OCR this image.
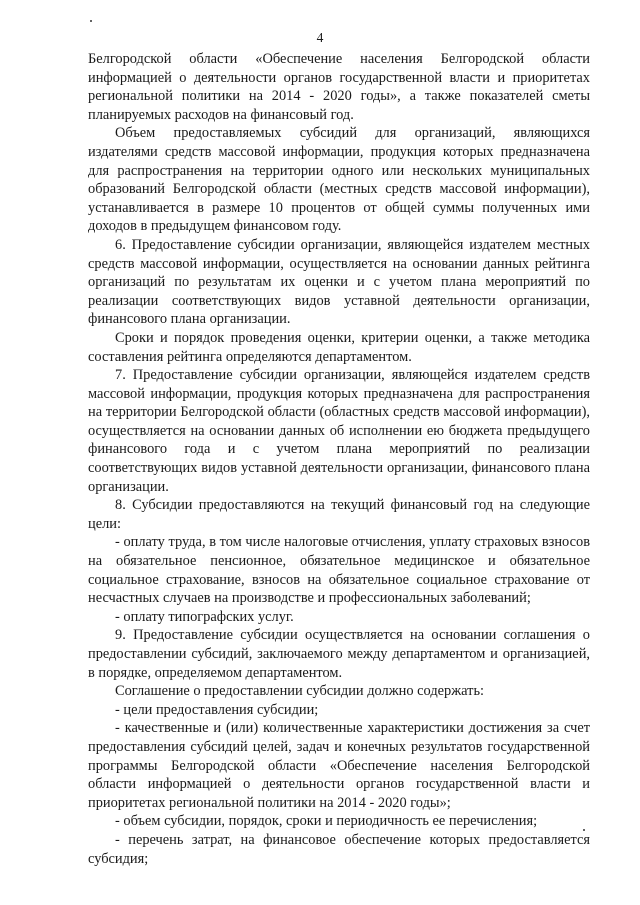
4

Белгородской области «Обеспечение населения Белгородской области информацией о деятельности органов государственной власти и приоритетах региональной политики на 2014 - 2020 годы», а также показателей сметы планируемых расходов на финансовый год.

Объем предоставляемых субсидий для организаций, являющихся издателями средств массовой информации, продукция которых предназначена для распространения на территории одного или нескольких муниципальных образований Белгородской области (местных средств массовой информации), устанавливается в размере 10 процентов от общей суммы полученных ими доходов в предыдущем финансовом году.

6. Предоставление субсидии организации, являющейся издателем местных средств массовой информации, осуществляется на основании данных рейтинга организаций по результатам их оценки и с учетом плана мероприятий по реализации соответствующих видов уставной деятельности организации, финансового плана организации.

Сроки и порядок проведения оценки, критерии оценки, а также методика составления рейтинга определяются департаментом.

7. Предоставление субсидии организации, являющейся издателем средств массовой информации, продукция которых предназначена для распространения на территории Белгородской области (областных средств массовой информации), осуществляется на основании данных об исполнении ею бюджета предыдущего финансового года и с учетом плана мероприятий по реализации соответствующих видов уставной деятельности организации, финансового плана организации.

8. Субсидии предоставляются на текущий финансовый год на следующие цели:

- оплату труда, в том числе налоговые отчисления, уплату страховых взносов на обязательное пенсионное, обязательное медицинское и обязательное социальное страхование, взносов на обязательное социальное страхование от несчастных случаев на производстве и профессиональных заболеваний;

- оплату типографских услуг.

9. Предоставление субсидии осуществляется на основании соглашения о предоставлении субсидий, заключаемого между департаментом и организацией, в порядке, определяемом департаментом.

Соглашение о предоставлении субсидии должно содержать:

- цели предоставления субсидии;

- качественные и (или) количественные характеристики достижения за счет предоставления субсидий целей, задач и конечных результатов государственной программы Белгородской области «Обеспечение населения Белгородской области информацией о деятельности органов государственной власти и приоритетах региональной политики на 2014 - 2020 годы»;

- объем субсидии, порядок, сроки и периодичность ее перечисления;

- перечень затрат, на финансовое обеспечение которых предоставляется субсидия;
